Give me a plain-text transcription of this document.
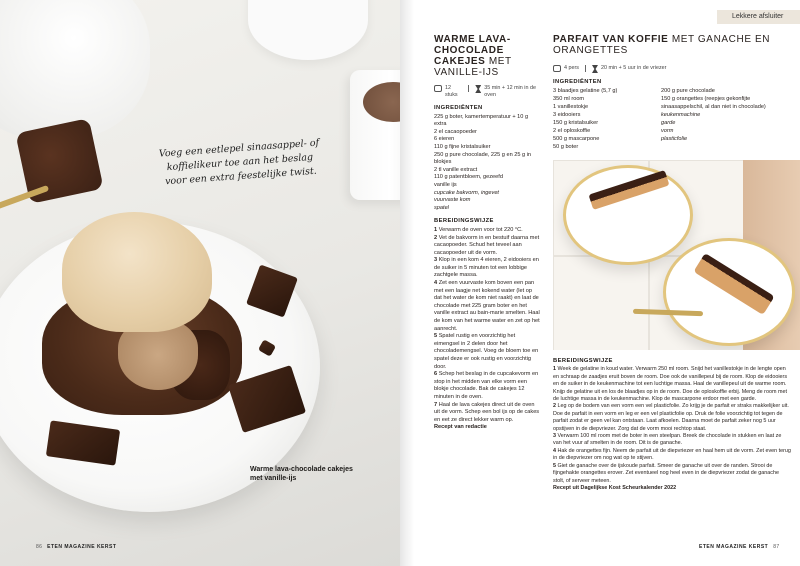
Voeg een eetlepel sinaasappel- of koffielikeur toe aan het beslag voor een extra feestelijke twist.
Warme lava-chocolade cakejes met vanille-ijs
86 ETEN MAGAZINE KERST
Lekkere afsluiter
WARME LAVA-CHOCOLADE CAKEJES MET VANILLE-IJS
12 stuks
35 min + 12 min in de oven
INGREDIËNTEN
225 g boter, kamertemperatuur + 10 g extra
2 el cacaopoeder
6 eieren
110 g fijne kristalsuiker
250 g pure chocolade, 225 g en 25 g in blokjes
2 tl vanille extract
110 g patentbloem, gezeefd
vanille ijs
cupcake bakvorm, ingevet
vuurvaste kom
spatel
BEREIDINGSWIJZE

1 Verwarm de oven voor tot 220 °C.

2 Vet de bakvorm in en bestuif daarna met cacaopoeder. Schud het teveel aan cacaopoeder uit de vorm.

3 Klop in een kom 4 eieren, 2 eidooiers en de suiker in 5 minuten tot een lobbige zachtgele massa.

4 Zet een vuurvaste kom boven een pan met een laagje net kokend water (let op dat het water de kom niet raakt) en laat de chocolade met 225 gram boter en het vanille extract au bain-marie smelten. Haal de kom van het warme water en zet op het aanrecht.

5 Spatel rustig en voorzichtig het eimengsel in 2 delen door het chocolademengsel. Voeg de bloem toe en spatel deze er ook rustig en voorzichtig door.

6 Schep het beslag in de cupcakevorm en stop in het midden van elke vorm een blokje chocolade. Bak de cakejes 12 minuten in de oven.

7 Haal de lava cakejes direct uit de oven uit de vorm. Schep een bol ijs op de cakes en eet ze direct lekker warm op.

Recept van redactie

PARFAIT VAN KOFFIE MET GANACHE EN ORANGETTES
4 pers	20 min + 5 uur in de vriezer
INGREDIËNTEN
3 blaadjes gelatine (5,7 g)
350 ml room
1 vanillestokje
3 eidooiers
150 g kristalsuiker
2 el oploskoffie
500 g mascarpone
50 g boter
200 g pure chocolade
150 g orangettes (reepjes gekonfijte sinaasappelschil, al dan niet in chocolade)
keukenmachine
garde
vorm
plasticfolie
BEREIDINGSWIJZE

1 Week de gelatine in koud water. Verwarm 250 ml room. Snijd het vanillestokje in de lengte open en schraap de zaadjes eruit boven de room. Doe ook de vanillepeul bij de room. Klop de eidooiers en de suiker in de keukenmachine tot een luchtige massa. Haal de vanillepeul uit de warme room. Knijp de gelatine uit en los de blaadjes op in de room. Doe de oploskoffie erbij. Meng de room met de luchtige massa in de keukenmachine. Klop de mascarpone erdoor met een garde.

2 Leg op de bodem van een vorm een vel plasticfolie. Zo krijg je de parfait er straks makkelijker uit. Doe de parfait in een vorm en leg er een vel plasticfolie op. Druk de folie voorzichtig tot tegen de parfait zodat er geen vel kan ontstaan. Laat afkoelen. Daarna moet de parfait zeker nog 5 uur opstijven in de diepvriezer. Zorg dat de vorm mooi rechtop staat.

3 Verwarm 100 ml room met de boter in een steelpan. Breek de chocolade in stukken en laat ze van het vuur af smelten in de room. Dit is de ganache.

4 Hak de orangettes fijn. Neem de parfait uit de diepvriezer en haal hem uit de vorm. Zet even terug in de diepvriezer om nog wat op te stijven.

5 Giet de ganache over de ijskoude parfait. Smeer de ganache uit over de randen. Strooi de fijngehakte orangettes erover. Zet eventueel nog heel even in de diepvriezer zodat de ganache stolt, of serveer meteen.

Recept uit Dagelijkse Kost Scheurkalender 2022

ETEN MAGAZINE KERST 87
